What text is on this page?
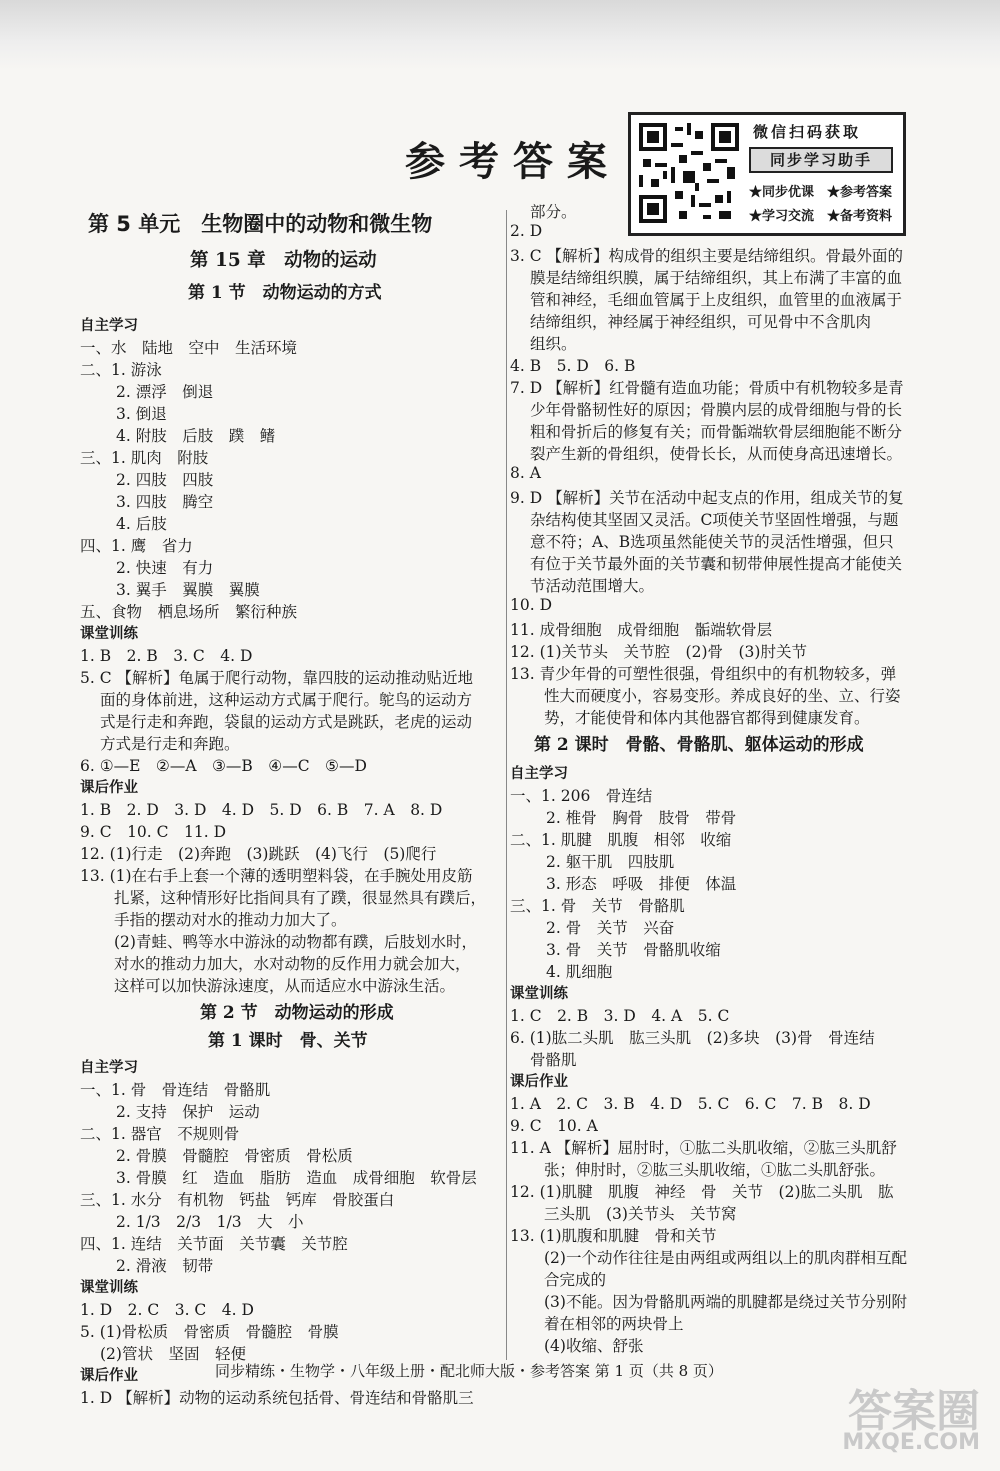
参考答案
微信扫码获取
同步学习助手
★同步优课 ★参考答案
★学习交流 ★备考资料
第 5 单元　生物圈中的动物和微生物
第 15 章　动物的运动
第 1 节　动物运动的方式
自主学习
一、水　陆地　空中　生活环境
二、1. 游泳
2. 漂浮　倒退
3. 倒退
4. 附肢　后肢　蹼　鳍
三、1. 肌肉　附肢
2. 四肢　四肢
3. 四肢　腾空
4. 后肢
四、1. 鹰　省力
2. 快速　有力
3. 翼手　翼膜　翼膜
五、食物　栖息场所　繁衍种族
课堂训练
1. B　2. B　3. C　4. D
5. C 【解析】龟属于爬行动物，靠四肢的运动推动贴近地
面的身体前进，这种运动方式属于爬行。鸵鸟的运动方
式是行走和奔跑，袋鼠的运动方式是跳跃，老虎的运动
方式是行走和奔跑。
6. ①—E　②—A　③—B　④—C　⑤—D
课后作业
1. B　2. D　3. D　4. D　5. D　6. B　7. A　8. D
9. C　10. C　11. D
12. (1)行走　(2)奔跑　(3)跳跃　(4)飞行　(5)爬行
13. (1)在右手上套一个薄的透明塑料袋，在手腕处用皮筋
扎紧，这种情形好比指间具有了蹼，很显然具有蹼后，
手指的摆动对水的推动力加大了。
(2)青蛙、鸭等水中游泳的动物都有蹼，后肢划水时，
对水的推动力加大，水对动物的反作用力就会加大，
这样可以加快游泳速度，从而适应水中游泳生活。
第 2 节　动物运动的形成
第 1 课时　骨、关节
自主学习
一、1. 骨　骨连结　骨骼肌
2. 支持　保护　运动
二、1. 器官　不规则骨
2. 骨膜　骨髓腔　骨密质　骨松质
3. 骨膜　红　造血　脂肪　造血　成骨细胞　软骨层
三、1. 水分　有机物　钙盐　钙库　骨胶蛋白
2. 1/3　2/3　1/3　大　小
四、1. 连结　关节面　关节囊　关节腔
2. 滑液　韧带
课堂训练
1. D　2. C　3. C　4. D
5. (1)骨松质　骨密质　骨髓腔　骨膜
(2)管状　坚固　轻便
课后作业
1. D 【解析】动物的运动系统包括骨、骨连结和骨骼肌三
部分。
2. D
3. C 【解析】构成骨的组织主要是结缔组织。骨最外面的
膜是结缔组织膜，属于结缔组织，其上布满了丰富的血
管和神经，毛细血管属于上皮组织，血管里的血液属于
结缔组织，神经属于神经组织，可见骨中不含肌肉
组织。
4. B　5. D　6. B
7. D 【解析】红骨髓有造血功能；骨质中有机物较多是青
少年骨骼韧性好的原因；骨膜内层的成骨细胞与骨的长
粗和骨折后的修复有关；而骨骺端软骨层细胞能不断分
裂产生新的骨组织，使骨长长，从而使身高迅速增长。
8. A
9. D 【解析】关节在活动中起支点的作用，组成关节的复
杂结构使其坚固又灵活。C项使关节坚固性增强，与题
意不符；A、B选项虽然能使关节的灵活性增强，但只
有位于关节最外面的关节囊和韧带伸展性提高才能使关
节活动范围增大。
10. D
11. 成骨细胞　成骨细胞　骺端软骨层
12. (1)关节头　关节腔　(2)骨　(3)肘关节
13. 青少年骨的可塑性很强，骨组织中的有机物较多，弹
性大而硬度小，容易变形。养成良好的坐、立、行姿
势，才能使骨和体内其他器官都得到健康发育。
第 2 课时　骨骼、骨骼肌、躯体运动的形成
自主学习
一、1. 206　骨连结
2. 椎骨　胸骨　肢骨　带骨
二、1. 肌腱　肌腹　相邻　收缩
2. 躯干肌　四肢肌
3. 形态　呼吸　排便　体温
三、1. 骨　关节　骨骼肌
2. 骨　关节　兴奋
3. 骨　关节　骨骼肌收缩
4. 肌细胞
课堂训练
1. C　2. B　3. D　4. A　5. C
6. (1)肱二头肌　肱三头肌　(2)多块　(3)骨　骨连结
骨骼肌
课后作业
1. A　2. C　3. B　4. D　5. C　6. C　7. B　8. D
9. C　10. A
11. A 【解析】屈肘时，①肱二头肌收缩，②肱三头肌舒
张；伸肘时，②肱三头肌收缩，①肱二头肌舒张。
12. (1)肌腱　肌腹　神经　骨　关节　(2)肱二头肌　肱
三头肌　(3)关节头　关节窝
13. (1)肌腹和肌腱　骨和关节
(2)一个动作往往是由两组或两组以上的肌肉群相互配
合完成的
(3)不能。因为骨骼肌两端的肌腱都是绕过关节分别附
着在相邻的两块骨上
(4)收缩、舒张
同步精练・生物学・八年级上册・配北师大版・参考答案 第 1 页（共 8 页）
答案圈
MXQE.COM
